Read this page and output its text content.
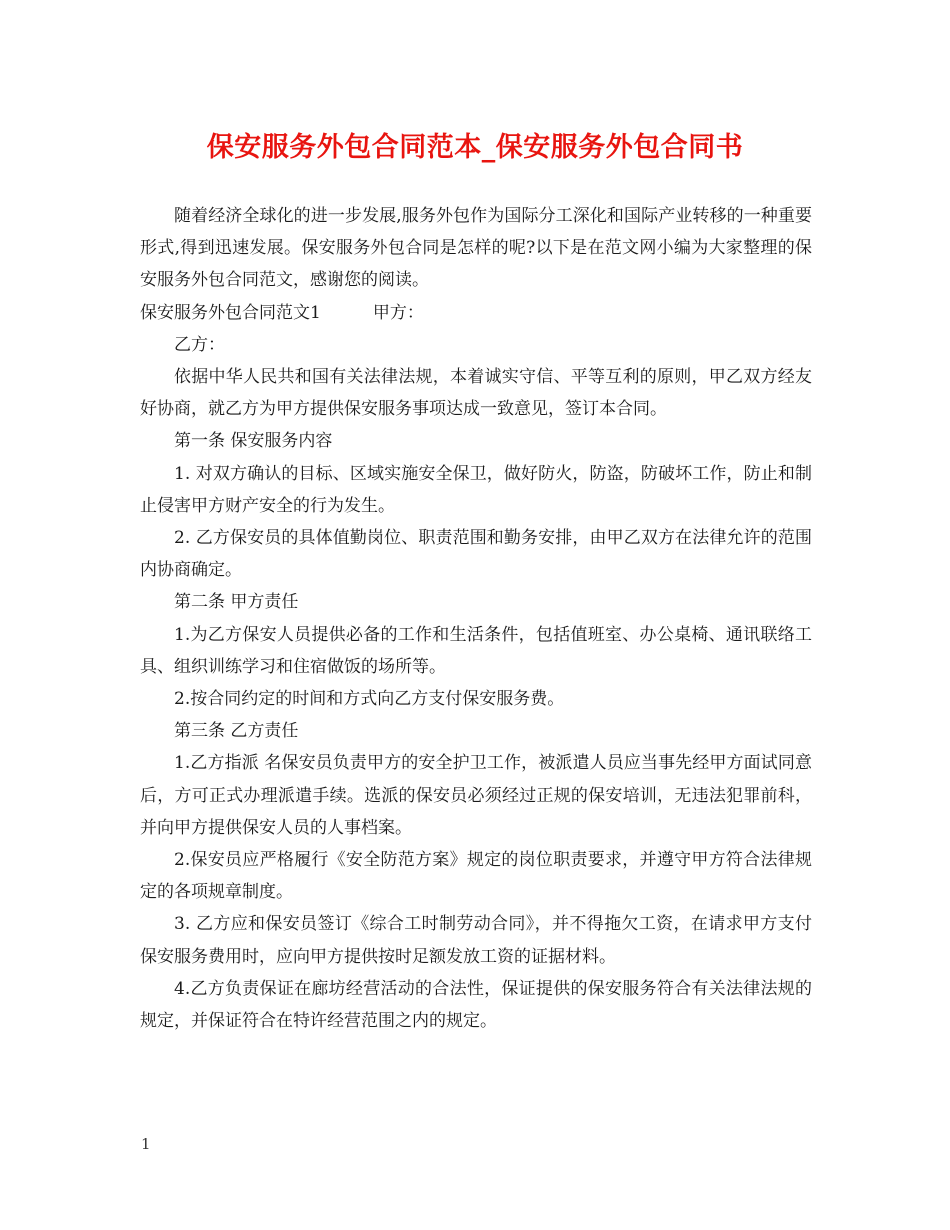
保安服务外包合同范本_保安服务外包合同书

随着经济全球化的进一步发展,服务外包作为国际分工深化和国际产业转移的一种重要形式,得到迅速发展。保安服务外包合同是怎样的呢?以下是在范文网小编为大家整理的保安服务外包合同范文，感谢您的阅读。

保安服务外包合同范文1	甲方：

乙方：

依据中华人民共和国有关法律法规，本着诚实守信、平等互利的原则，甲乙双方经友好协商，就乙方为甲方提供保安服务事项达成一致意见，签订本合同。

第一条 保安服务内容

1. 对双方确认的目标、区域实施安全保卫，做好防火，防盗，防破坏工作，防止和制止侵害甲方财产安全的行为发生。

2. 乙方保安员的具体值勤岗位、职责范围和勤务安排，由甲乙双方在法律允许的范围内协商确定。

第二条 甲方责任

1.为乙方保安人员提供必备的工作和生活条件，包括值班室、办公桌椅、通讯联络工具、组织训练学习和住宿做饭的场所等。

2.按合同约定的时间和方式向乙方支付保安服务费。

第三条 乙方责任

1.乙方指派 名保安员负责甲方的安全护卫工作，被派遣人员应当事先经甲方面试同意后，方可正式办理派遣手续。选派的保安员必须经过正规的保安培训，无违法犯罪前科，并向甲方提供保安人员的人事档案。

2.保安员应严格履行《安全防范方案》规定的岗位职责要求，并遵守甲方符合法律规定的各项规章制度。

3. 乙方应和保安员签订《综合工时制劳动合同》，并不得拖欠工资，在请求甲方支付保安服务费用时，应向甲方提供按时足额发放工资的证据材料。

4.乙方负责保证在廊坊经营活动的合法性，保证提供的保安服务符合有关法律法规的规定，并保证符合在特许经营范围之内的规定。

1
